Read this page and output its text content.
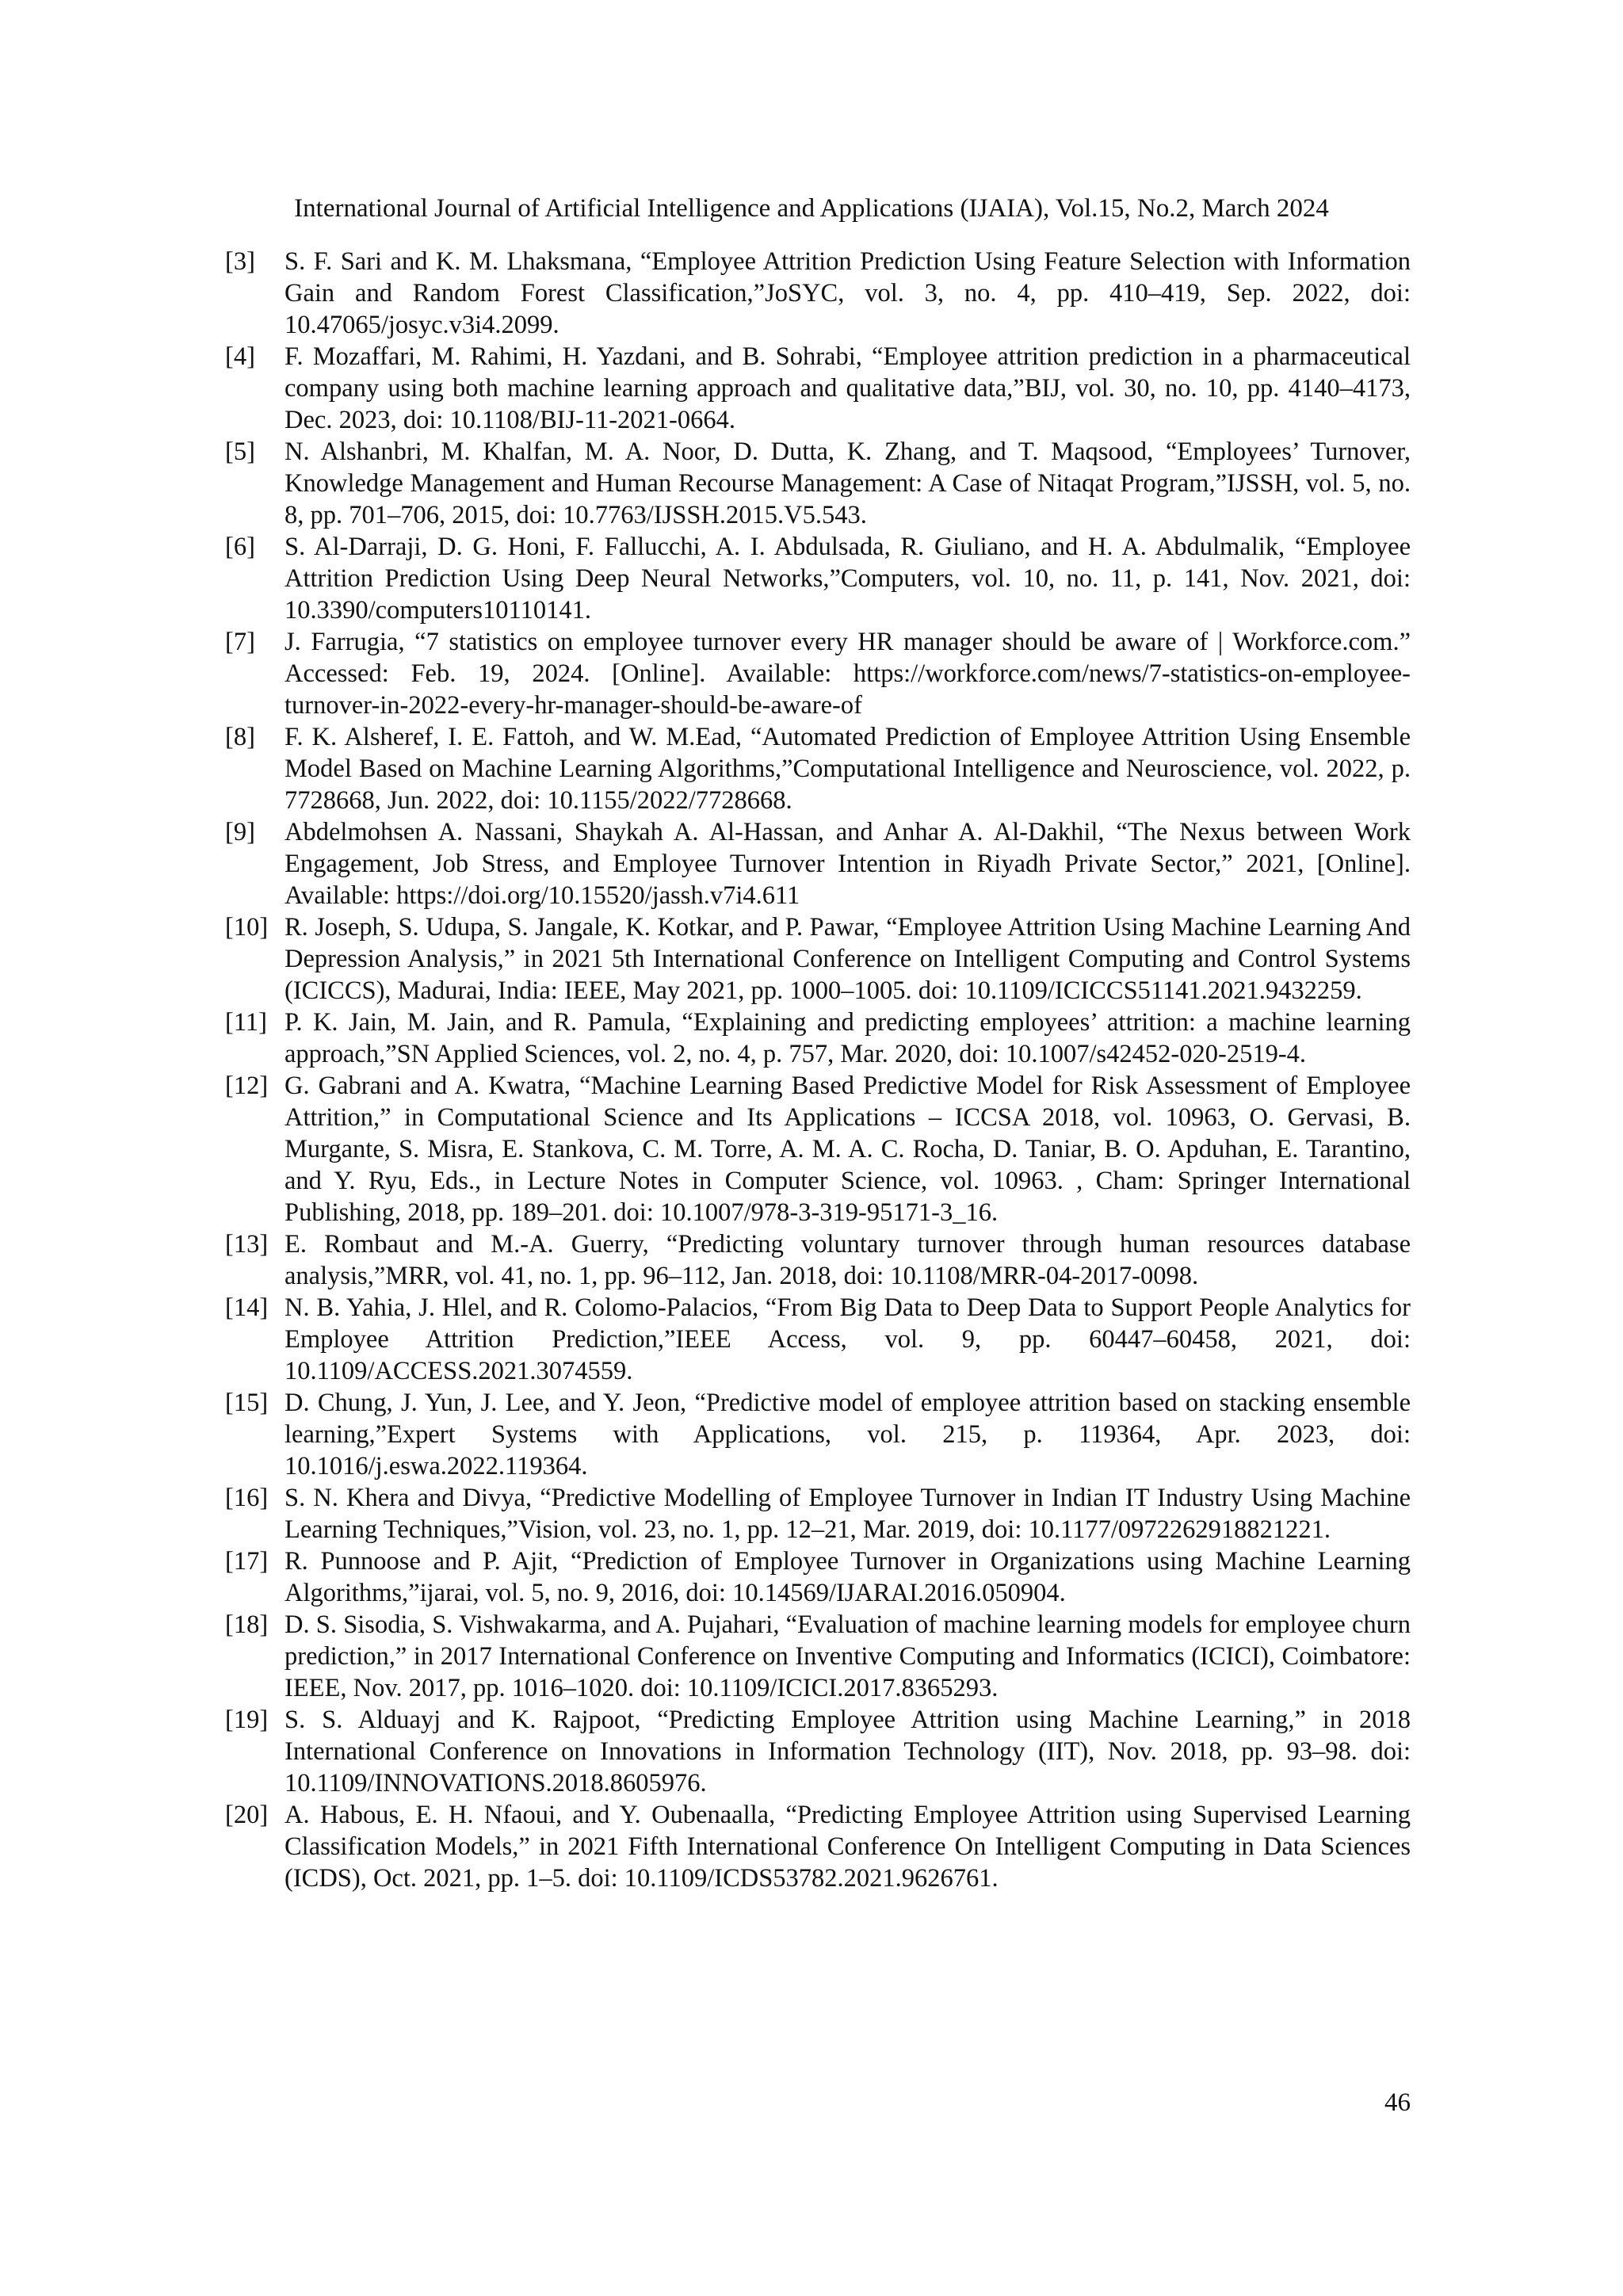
International Journal of Artificial Intelligence and Applications (IJAIA), Vol.15, No.2, March 2024
[3]	S. F. Sari and K. M. Lhaksmana, “Employee Attrition Prediction Using Feature Selection with Information Gain and Random Forest Classification,”JoSYC, vol. 3, no. 4, pp. 410–419, Sep. 2022, doi: 10.47065/josyc.v3i4.2099.
[4]	F. Mozaffari, M. Rahimi, H. Yazdani, and B. Sohrabi, “Employee attrition prediction in a pharmaceutical company using both machine learning approach and qualitative data,”BIJ, vol. 30, no. 10, pp. 4140–4173, Dec. 2023, doi: 10.1108/BIJ-11-2021-0664.
[5]	N. Alshanbri, M. Khalfan, M. A. Noor, D. Dutta, K. Zhang, and T. Maqsood, “Employees’ Turnover, Knowledge Management and Human Recourse Management: A Case of Nitaqat Program,”IJSSH, vol. 5, no. 8, pp. 701–706, 2015, doi: 10.7763/IJSSH.2015.V5.543.
[6]	S. Al-Darraji, D. G. Honi, F. Fallucchi, A. I. Abdulsada, R. Giuliano, and H. A. Abdulmalik, “Employee Attrition Prediction Using Deep Neural Networks,”Computers, vol. 10, no. 11, p. 141, Nov. 2021, doi: 10.3390/computers10110141.
[7]	J. Farrugia, “7 statistics on employee turnover every HR manager should be aware of | Workforce.com.” Accessed: Feb. 19, 2024. [Online]. Available: https://workforce.com/news/7-statistics-on-employee-turnover-in-2022-every-hr-manager-should-be-aware-of
[8]	F. K. Alsheref, I. E. Fattoh, and W. M.Ead, “Automated Prediction of Employee Attrition Using Ensemble Model Based on Machine Learning Algorithms,”Computational Intelligence and Neuroscience, vol. 2022, p. 7728668, Jun. 2022, doi: 10.1155/2022/7728668.
[9]	Abdelmohsen A. Nassani, Shaykah A. Al-Hassan, and Anhar A. Al-Dakhil, “The Nexus between Work Engagement, Job Stress, and Employee Turnover Intention in Riyadh Private Sector,” 2021, [Online]. Available: https://doi.org/10.15520/jassh.v7i4.611
[10] R. Joseph, S. Udupa, S. Jangale, K. Kotkar, and P. Pawar, “Employee Attrition Using Machine Learning And Depression Analysis,” in 2021 5th International Conference on Intelligent Computing and Control Systems (ICICCS), Madurai, India: IEEE, May 2021, pp. 1000–1005. doi: 10.1109/ICICCS51141.2021.9432259.
[11] P. K. Jain, M. Jain, and R. Pamula, “Explaining and predicting employees’ attrition: a machine learning approach,”SN Applied Sciences, vol. 2, no. 4, p. 757, Mar. 2020, doi: 10.1007/s42452-020-2519-4.
[12] G. Gabrani and A. Kwatra, “Machine Learning Based Predictive Model for Risk Assessment of Employee Attrition,” in Computational Science and Its Applications – ICCSA 2018, vol. 10963, O. Gervasi, B. Murgante, S. Misra, E. Stankova, C. M. Torre, A. M. A. C. Rocha, D. Taniar, B. O. Apduhan, E. Tarantino, and Y. Ryu, Eds., in Lecture Notes in Computer Science, vol. 10963. , Cham: Springer International Publishing, 2018, pp. 189–201. doi: 10.1007/978-3-319-95171-3_16.
[13] E. Rombaut and M.-A. Guerry, “Predicting voluntary turnover through human resources database analysis,”MRR, vol. 41, no. 1, pp. 96–112, Jan. 2018, doi: 10.1108/MRR-04-2017-0098.
[14] N. B. Yahia, J. Hlel, and R. Colomo-Palacios, “From Big Data to Deep Data to Support People Analytics for Employee Attrition Prediction,”IEEE Access, vol. 9, pp. 60447–60458, 2021, doi: 10.1109/ACCESS.2021.3074559.
[15] D. Chung, J. Yun, J. Lee, and Y. Jeon, “Predictive model of employee attrition based on stacking ensemble learning,”Expert Systems with Applications, vol. 215, p. 119364, Apr. 2023, doi: 10.1016/j.eswa.2022.119364.
[16] S. N. Khera and Divya, “Predictive Modelling of Employee Turnover in Indian IT Industry Using Machine Learning Techniques,”Vision, vol. 23, no. 1, pp. 12–21, Mar. 2019, doi: 10.1177/0972262918821221.
[17] R. Punnoose and P. Ajit, “Prediction of Employee Turnover in Organizations using Machine Learning Algorithms,”ijarai, vol. 5, no. 9, 2016, doi: 10.14569/IJARAI.2016.050904.
[18] D. S. Sisodia, S. Vishwakarma, and A. Pujahari, “Evaluation of machine learning models for employee churn prediction,” in 2017 International Conference on Inventive Computing and Informatics (ICICI), Coimbatore: IEEE, Nov. 2017, pp. 1016–1020. doi: 10.1109/ICICI.2017.8365293.
[19] S. S. Alduayj and K. Rajpoot, “Predicting Employee Attrition using Machine Learning,” in 2018 International Conference on Innovations in Information Technology (IIT), Nov. 2018, pp. 93–98. doi: 10.1109/INNOVATIONS.2018.8605976.
[20] A. Habous, E. H. Nfaoui, and Y. Oubenaalla, “Predicting Employee Attrition using Supervised Learning Classification Models,” in 2021 Fifth International Conference On Intelligent Computing in Data Sciences (ICDS), Oct. 2021, pp. 1–5. doi: 10.1109/ICDS53782.2021.9626761.
46
